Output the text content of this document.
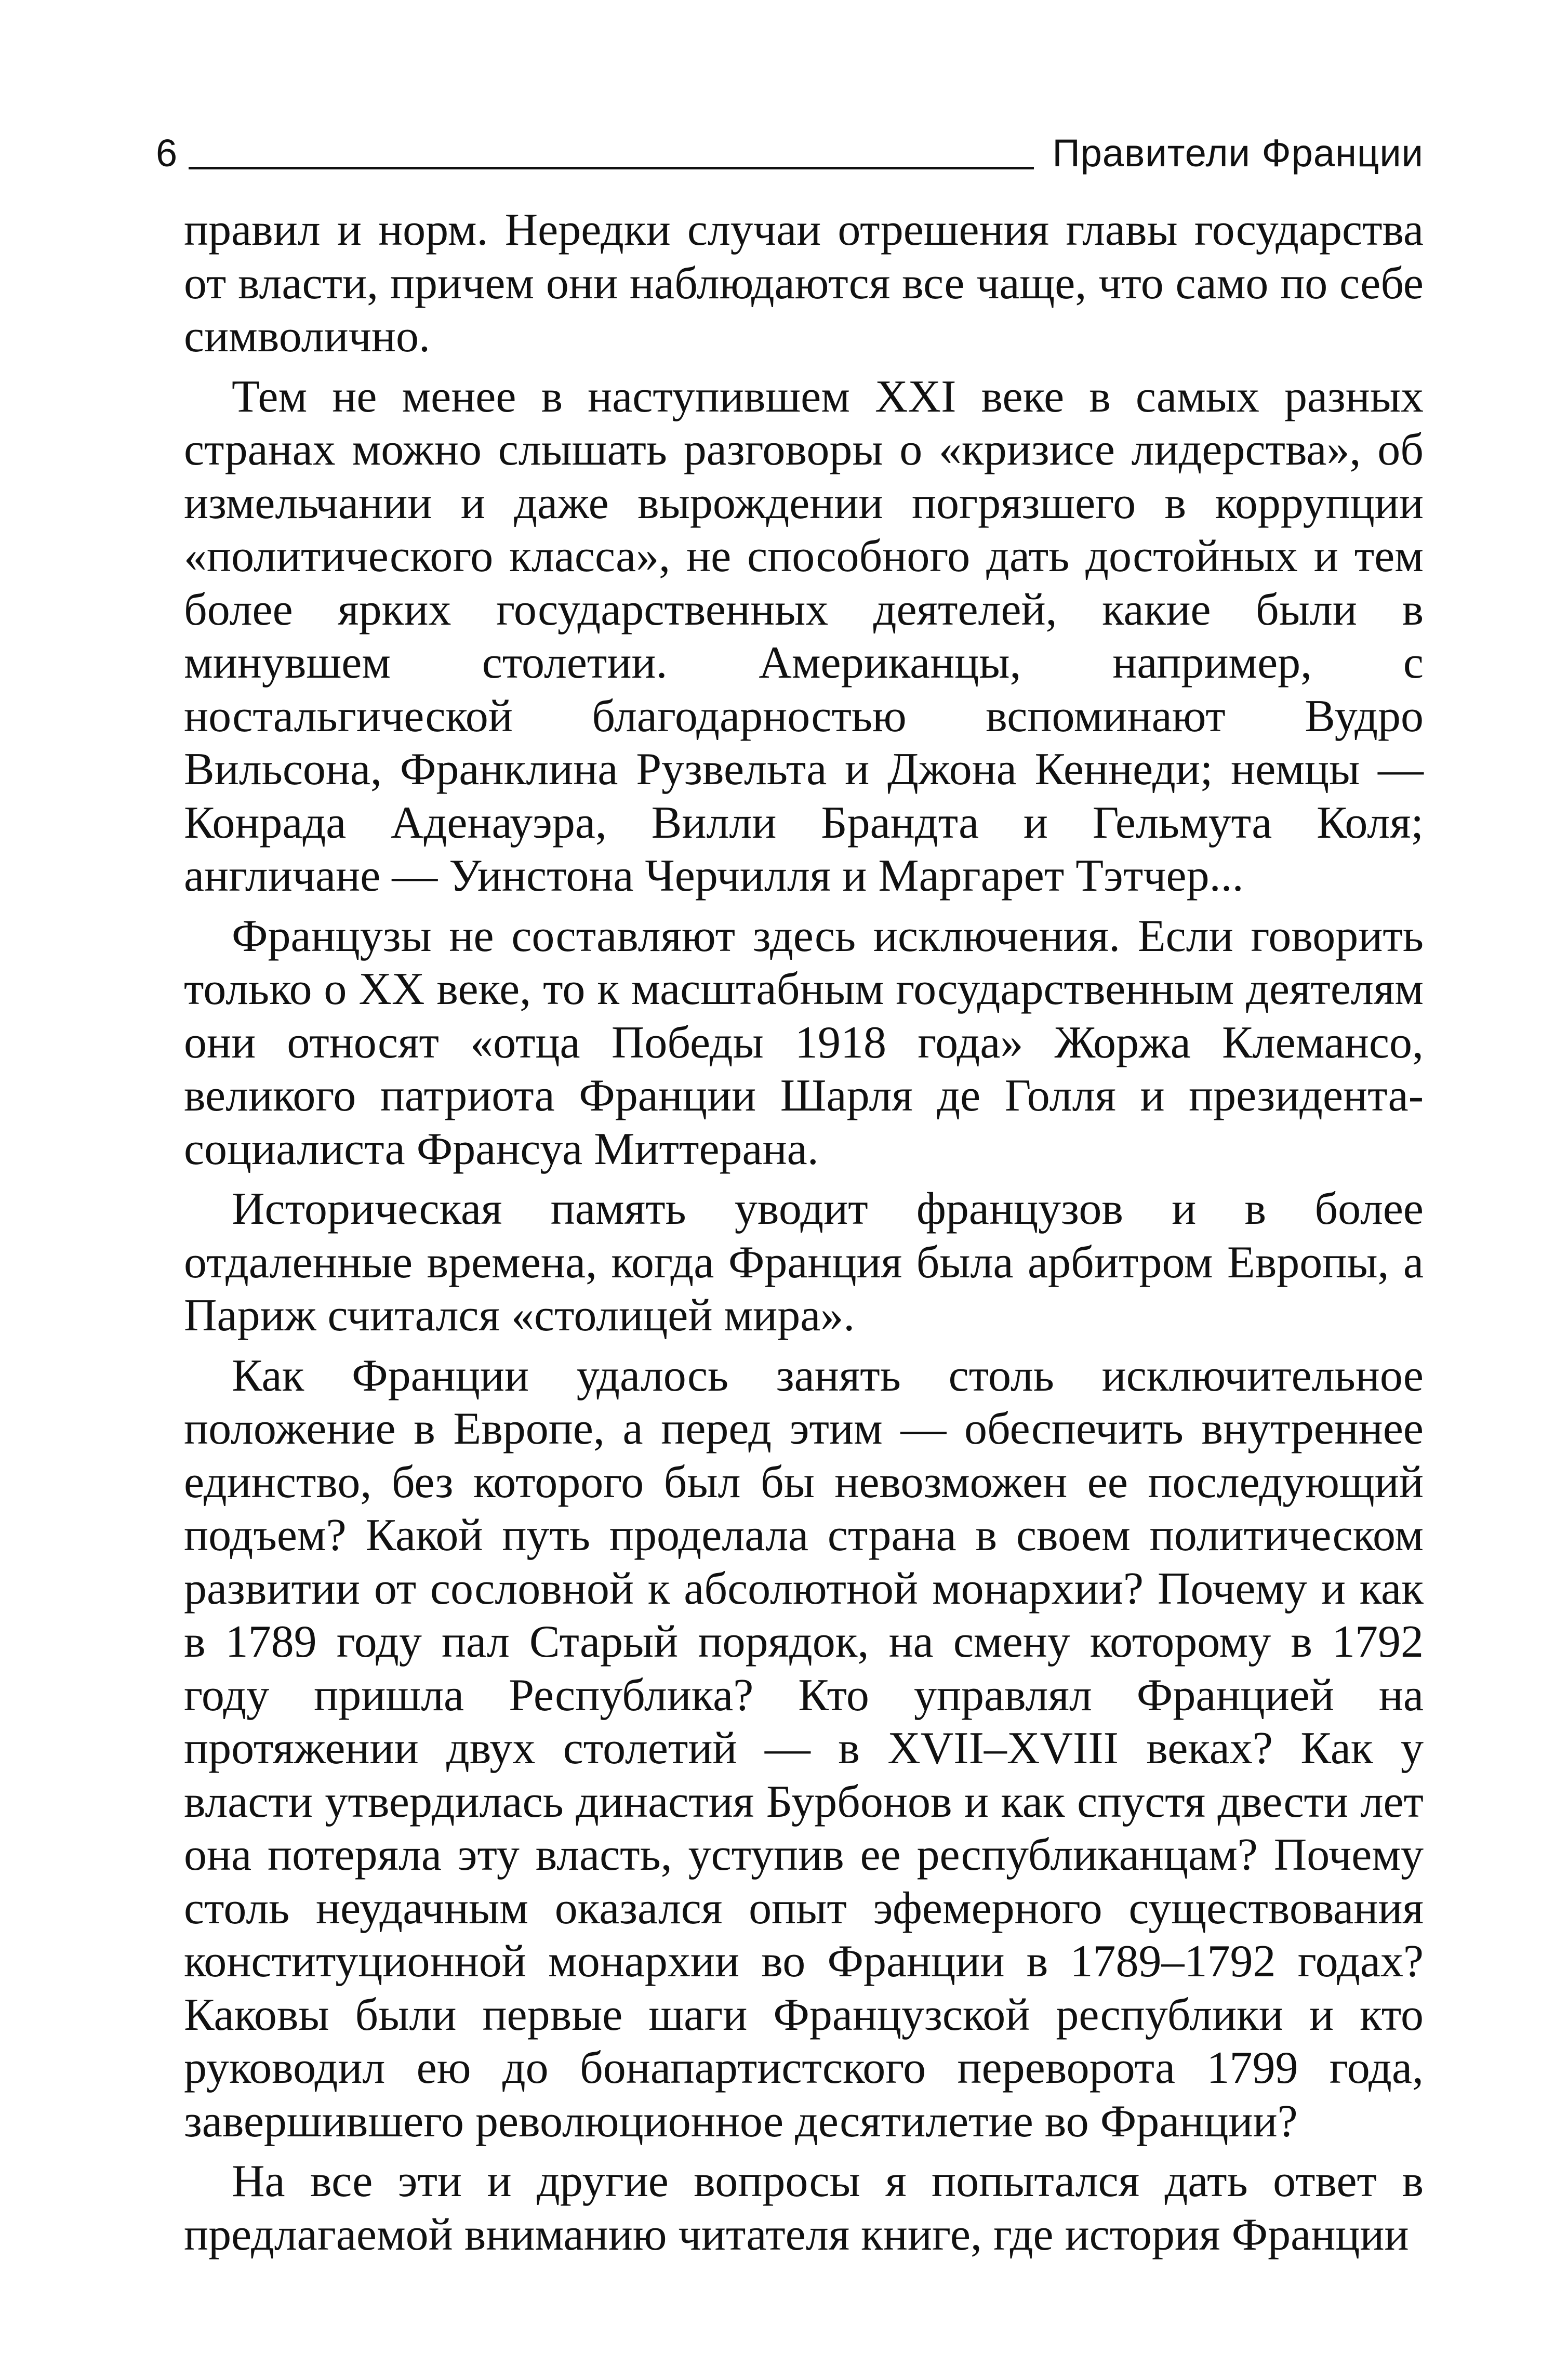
6	Правители Франции

правил и норм. Нередки случаи отрешения главы государства от власти, причем они наблюдаются все чаще, что само по себе символично.

Тем не менее в наступившем XXI веке в самых разных странах можно слышать разговоры о «кризисе лидерства», об измельчании и даже вырождении погрязшего в коррупции «политического класса», не способного дать достойных и тем более ярких государственных деятелей, какие были в минувшем столетии. Американцы, например, с ностальгической благодарностью вспоминают Вудро Вильсона, Франклина Рузвельта и Джона Кеннеди; немцы — Конрада Аденауэра, Вилли Брандта и Гельмута Коля; англичане — Уинстона Черчилля и Маргарет Тэтчер...

Французы не составляют здесь исключения. Если говорить только о XX веке, то к масштабным государственным деятелям они относят «отца Победы 1918 года» Жоржа Клемансо, великого патриота Франции Шарля де Голля и президента-социалиста Франсуа Миттерана.

Историческая память уводит французов и в более отдаленные времена, когда Франция была арбитром Европы, а Париж считался «столицей мира».

Как Франции удалось занять столь исключительное положение в Европе, а перед этим — обеспечить внутреннее единство, без которого был бы невозможен ее последующий подъем? Какой путь проделала страна в своем политическом развитии от сословной к абсолютной монархии? Почему и как в 1789 году пал Старый порядок, на смену которому в 1792 году пришла Республика? Кто управлял Францией на протяжении двух столетий — в XVII–XVIII веках? Как у власти утвердилась династия Бурбонов и как спустя двести лет она потеряла эту власть, уступив ее республиканцам? Почему столь неудачным оказался опыт эфемерного существования конституционной монархии во Франции в 1789–1792 годах? Каковы были первые шаги Французской республики и кто руководил ею до бонапартистского переворота 1799 года, завершившего революционное десятилетие во Франции?

На все эти и другие вопросы я попытался дать ответ в предлагаемой вниманию читателя книге, где история Франции
